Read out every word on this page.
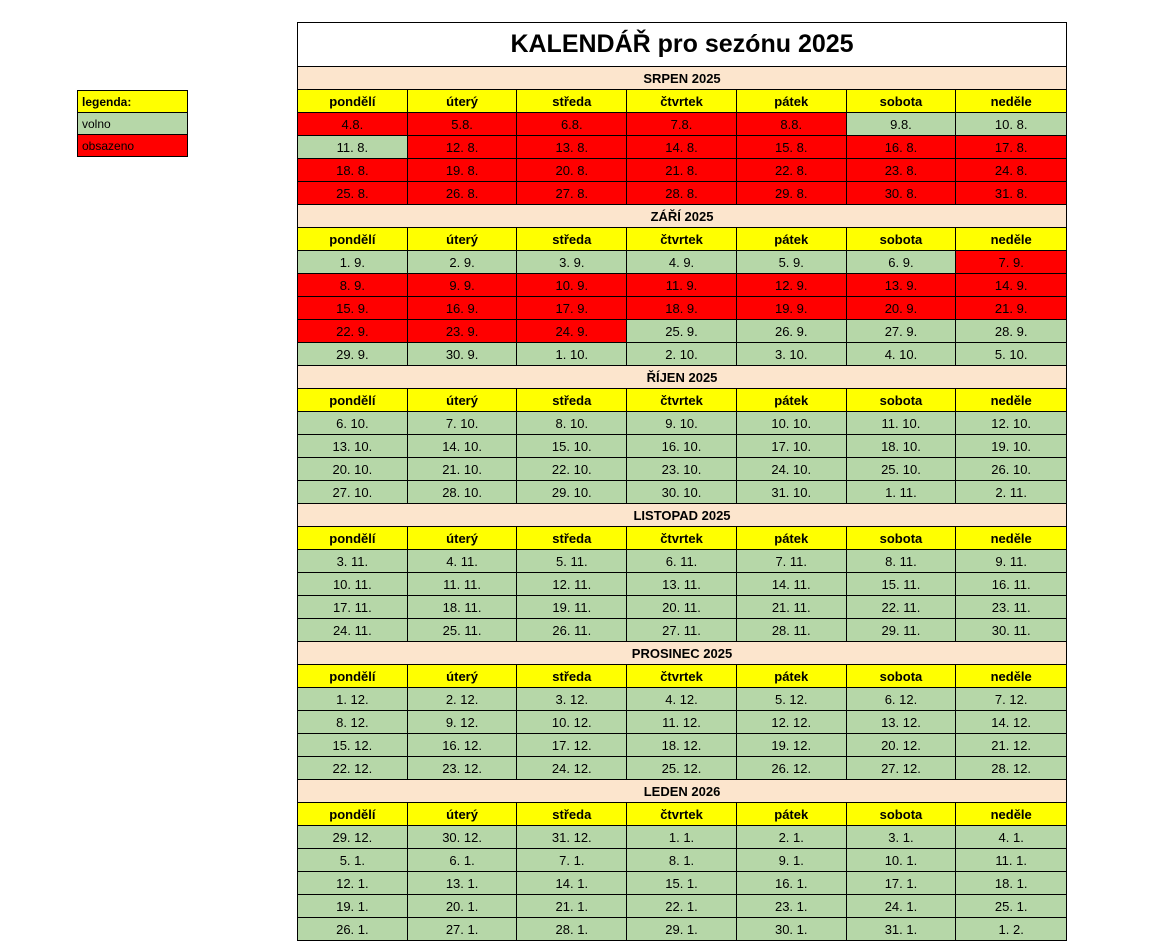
legenda:
volno
obsazeno
KALENDÁŘ pro sezónu 2025
SRPEN 2025
pondělí	úterý	středa	čtvrtek	pátek	sobota	neděle
4.8.	5.8.	6.8.	7.8.	8.8.	9.8.	10. 8.
11. 8.	12. 8.	13. 8.	14. 8.	15. 8.	16. 8.	17. 8.
18. 8.	19. 8.	20. 8.	21. 8.	22. 8.	23. 8.	24. 8.
25. 8.	26. 8.	27. 8.	28. 8.	29. 8.	30. 8.	31. 8.
ZÁŘÍ 2025
pondělí	úterý	středa	čtvrtek	pátek	sobota	neděle
1. 9.	2. 9.	3. 9.	4. 9.	5. 9.	6. 9.	7. 9.
8. 9.	9. 9.	10. 9.	11. 9.	12. 9.	13. 9.	14. 9.
15. 9.	16. 9.	17. 9.	18. 9.	19. 9.	20. 9.	21. 9.
22. 9.	23. 9.	24. 9.	25. 9.	26. 9.	27. 9.	28. 9.
29. 9.	30. 9.	1. 10.	2. 10.	3. 10.	4. 10.	5. 10.
ŘÍJEN 2025
pondělí	úterý	středa	čtvrtek	pátek	sobota	neděle
6. 10.	7. 10.	8. 10.	9. 10.	10. 10.	11. 10.	12. 10.
13. 10.	14. 10.	15. 10.	16. 10.	17. 10.	18. 10.	19. 10.
20. 10.	21. 10.	22. 10.	23. 10.	24. 10.	25. 10.	26. 10.
27. 10.	28. 10.	29. 10.	30. 10.	31. 10.	1. 11.	2. 11.
LISTOPAD 2025
pondělí	úterý	středa	čtvrtek	pátek	sobota	neděle
3. 11.	4. 11.	5. 11.	6. 11.	7. 11.	8. 11.	9. 11.
10. 11.	11. 11.	12. 11.	13. 11.	14. 11.	15. 11.	16. 11.
17. 11.	18. 11.	19. 11.	20. 11.	21. 11.	22. 11.	23. 11.
24. 11.	25. 11.	26. 11.	27. 11.	28. 11.	29. 11.	30. 11.
PROSINEC 2025
pondělí	úterý	středa	čtvrtek	pátek	sobota	neděle
1. 12.	2. 12.	3. 12.	4. 12.	5. 12.	6. 12.	7. 12.
8. 12.	9. 12.	10. 12.	11. 12.	12. 12.	13. 12.	14. 12.
15. 12.	16. 12.	17. 12.	18. 12.	19. 12.	20. 12.	21. 12.
22. 12.	23. 12.	24. 12.	25. 12.	26. 12.	27. 12.	28. 12.
LEDEN 2026
pondělí	úterý	středa	čtvrtek	pátek	sobota	neděle
29. 12.	30. 12.	31. 12.	1. 1.	2. 1.	3. 1.	4. 1.
5. 1.	6. 1.	7. 1.	8. 1.	9. 1.	10. 1.	11. 1.
12. 1.	13. 1.	14. 1.	15. 1.	16. 1.	17. 1.	18. 1.
19. 1.	20. 1.	21. 1.	22. 1.	23. 1.	24. 1.	25. 1.
26. 1.	27. 1.	28. 1.	29. 1.	30. 1.	31. 1.	1. 2.
